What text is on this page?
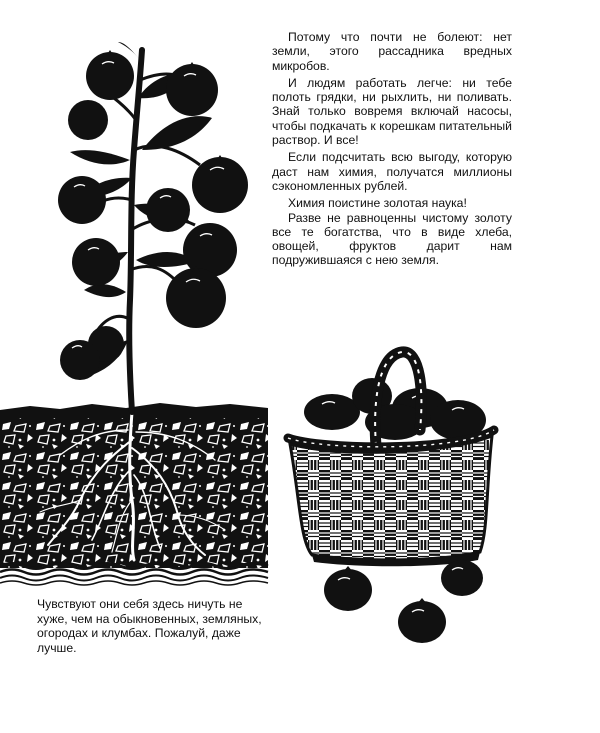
Потому что почти не болеют: нет земли, этого рассадника вредных микробов.

И людям работать легче: ни тебе полоть грядки, ни рыхлить, ни поливать. Знай только вовремя включай насосы, чтобы подкачать к корешкам питательный раствор. И все!

Если подсчитать всю выгоду, которую даст нам химия, получатся миллионы сэкономленных рублей.

Химия поистине золотая наука!

Разве не равноценны чистому золоту все те богатства, что в виде хлеба, овощей, фруктов дарит нам подружившаяся с нею земля.

Чувствуют они себя здесь ничуть не хуже, чем на обыкновенных, земляных, огородах и клумбах. Пожалуй, даже лучше.
